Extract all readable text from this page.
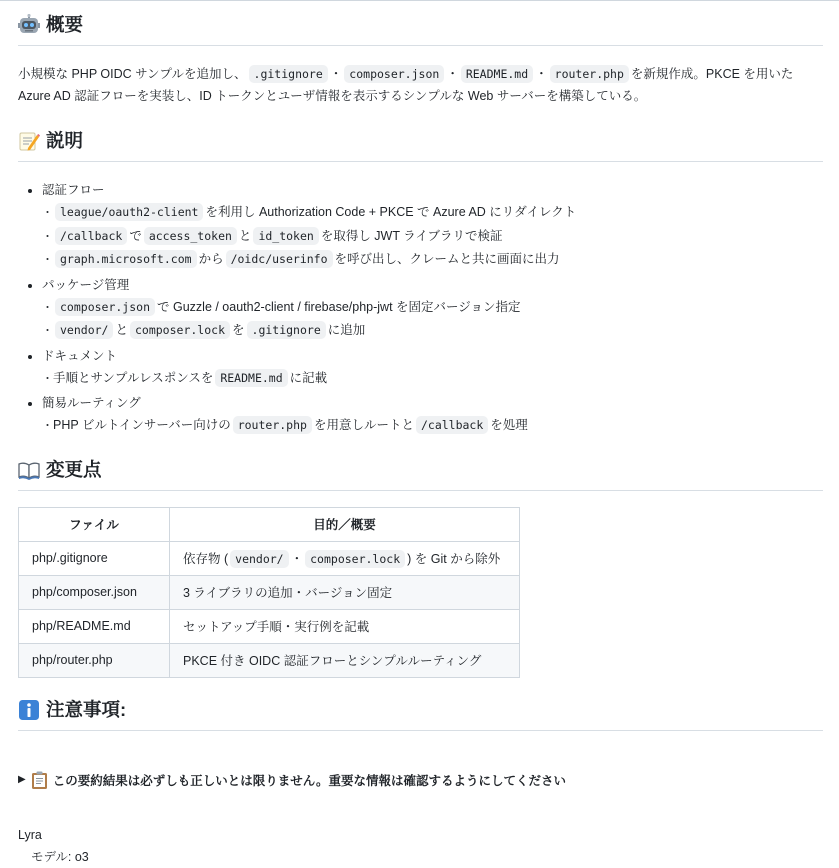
概要

小規模な PHP OIDC サンプルを追加し、 .gitignore ・ composer.json ・ README.md ・ router.php を新規作成。PKCE を用いた Azure AD 認証フローを実装し、ID トークンとユーザ情報を表示するシンプルな Web サーバーを構築している。

説明
• 認証フロー
・ league/oauth2-client を利用し Authorization Code + PKCE で Azure AD にリダイレクト
・ /callback で access_token と id_token を取得し JWT ライブラリで検証
・ graph.microsoft.com から /oidc/userinfo を呼び出し、クレームと共に画面に出力
• パッケージ管理
・ composer.json で Guzzle / oauth2-client / firebase/php-jwt を固定バージョン指定
・ vendor/ と composer.lock を .gitignore に追加
• ドキュメント
・ 手順とサンプルレスポンスを README.md に記載
• 簡易ルーティング
・ PHP ビルトインサーバー向けの router.php を用意しルートと /callback を処理
変更点
ファイル	目的／概要
php/.gitignore	依存物 ( vendor/ ・ composer.lock ) を Git から除外
php/composer.json	3 ライブラリの追加・バージョン固定
php/README.md	セットアップ手順・実行例を記載
php/router.php	PKCE 付き OIDC 認証フローとシンプルルーティング
注意事項:
▶ この要約結果は必ずしも正しいとは限りません。重要な情報は確認するようにしてください
Lyra
モデル: o3
